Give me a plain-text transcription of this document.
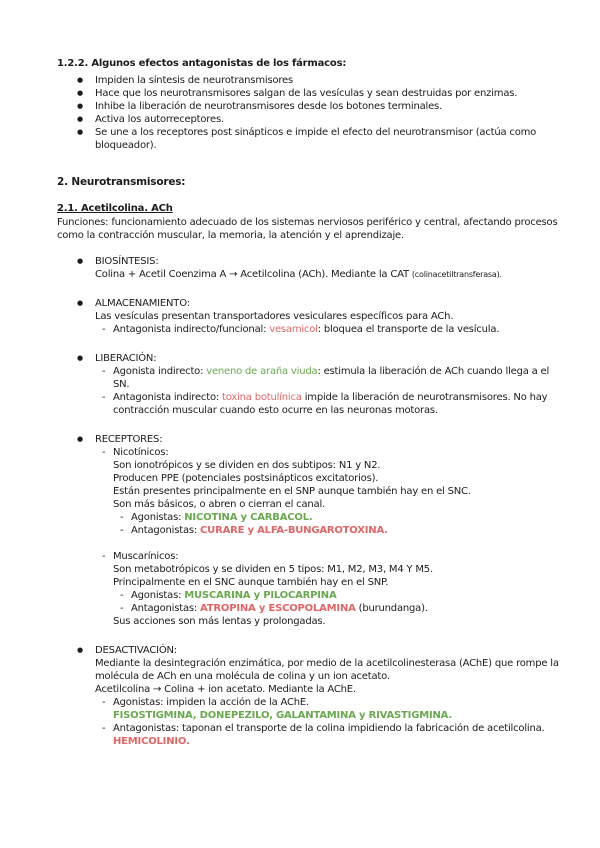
1.2.2. Algunos efectos antagonistas de los fármacos:
● Impiden la síntesis de neurotransmisores
● Hace que los neurotransmisores salgan de las vesículas y sean destruidas por enzimas.
● Inhibe la liberación de neurotransmisores desde los botones terminales.
● Activa los autorreceptores.
● Se une a los receptores post sinápticos e impide el efecto del neurotransmisor (actúa como bloqueador).
2. Neurotransmisores:
2.1. Acetilcolina. ACh
Funciones: funcionamiento adecuado de los sistemas nerviosos periférico y central, afectando procesos como la contracción muscular, la memoria, la atención y el aprendizaje.
● BIOSÍNTESIS:
Colina + Acetil Coenzima A → Acetilcolina (ACh). Mediante la CAT (colinacetiltransferasa).
● ALMACENAMIENTO:
Las vesículas presentan transportadores vesiculares específicos para ACh.
- Antagonista indirecto/funcional: vesamicol: bloquea el transporte de la vesícula.
● LIBERACIÓN:
- Agonista indirecto: veneno de araña viuda: estimula la liberación de ACh cuando llega a el SN.
- Antagonista indirecto: toxina botulínica impide la liberación de neurotransmisores. No hay contracción muscular cuando esto ocurre en las neuronas motoras.
● RECEPTORES:
- Nicotínicos:
Son ionotrópicos y se dividen en dos subtipos: N1 y N2.
Producen PPE (potenciales postsinápticos excitatorios).
Están presentes principalmente en el SNP aunque también hay en el SNC.
Son más básicos, o abren o cierran el canal.
- Agonistas: NICOTINA y CARBACOL.
- Antagonistas: CURARE y ALFA-BUNGAROTOXINA.
- Muscarínicos:
Son metabotrópicos y se dividen en 5 tipos: M1, M2, M3, M4 Y M5.
Principalmente en el SNC aunque también hay en el SNP.
- Agonistas: MUSCARINA y PILOCARPINA
- Antagonistas: ATROPINA y ESCOPOLAMINA (burundanga).
Sus acciones son más lentas y prolongadas.
● DESACTIVACIÓN:
Mediante la desintegración enzimática, por medio de la acetilcolinesterasa (AChE) que rompe la molécula de ACh en una molécula de colina y un ion acetato.
Acetilcolina → Colina + ion acetato. Mediante la AChE.
- Agonistas: impiden la acción de la AChE.
FISOSTIGMINA, DONEPEZILO, GALANTAMINA y RIVASTIGMINA.
- Antagonistas: taponan el transporte de la colina impidiendo la fabricación de acetilcolina.
HEMICOLINIO.
